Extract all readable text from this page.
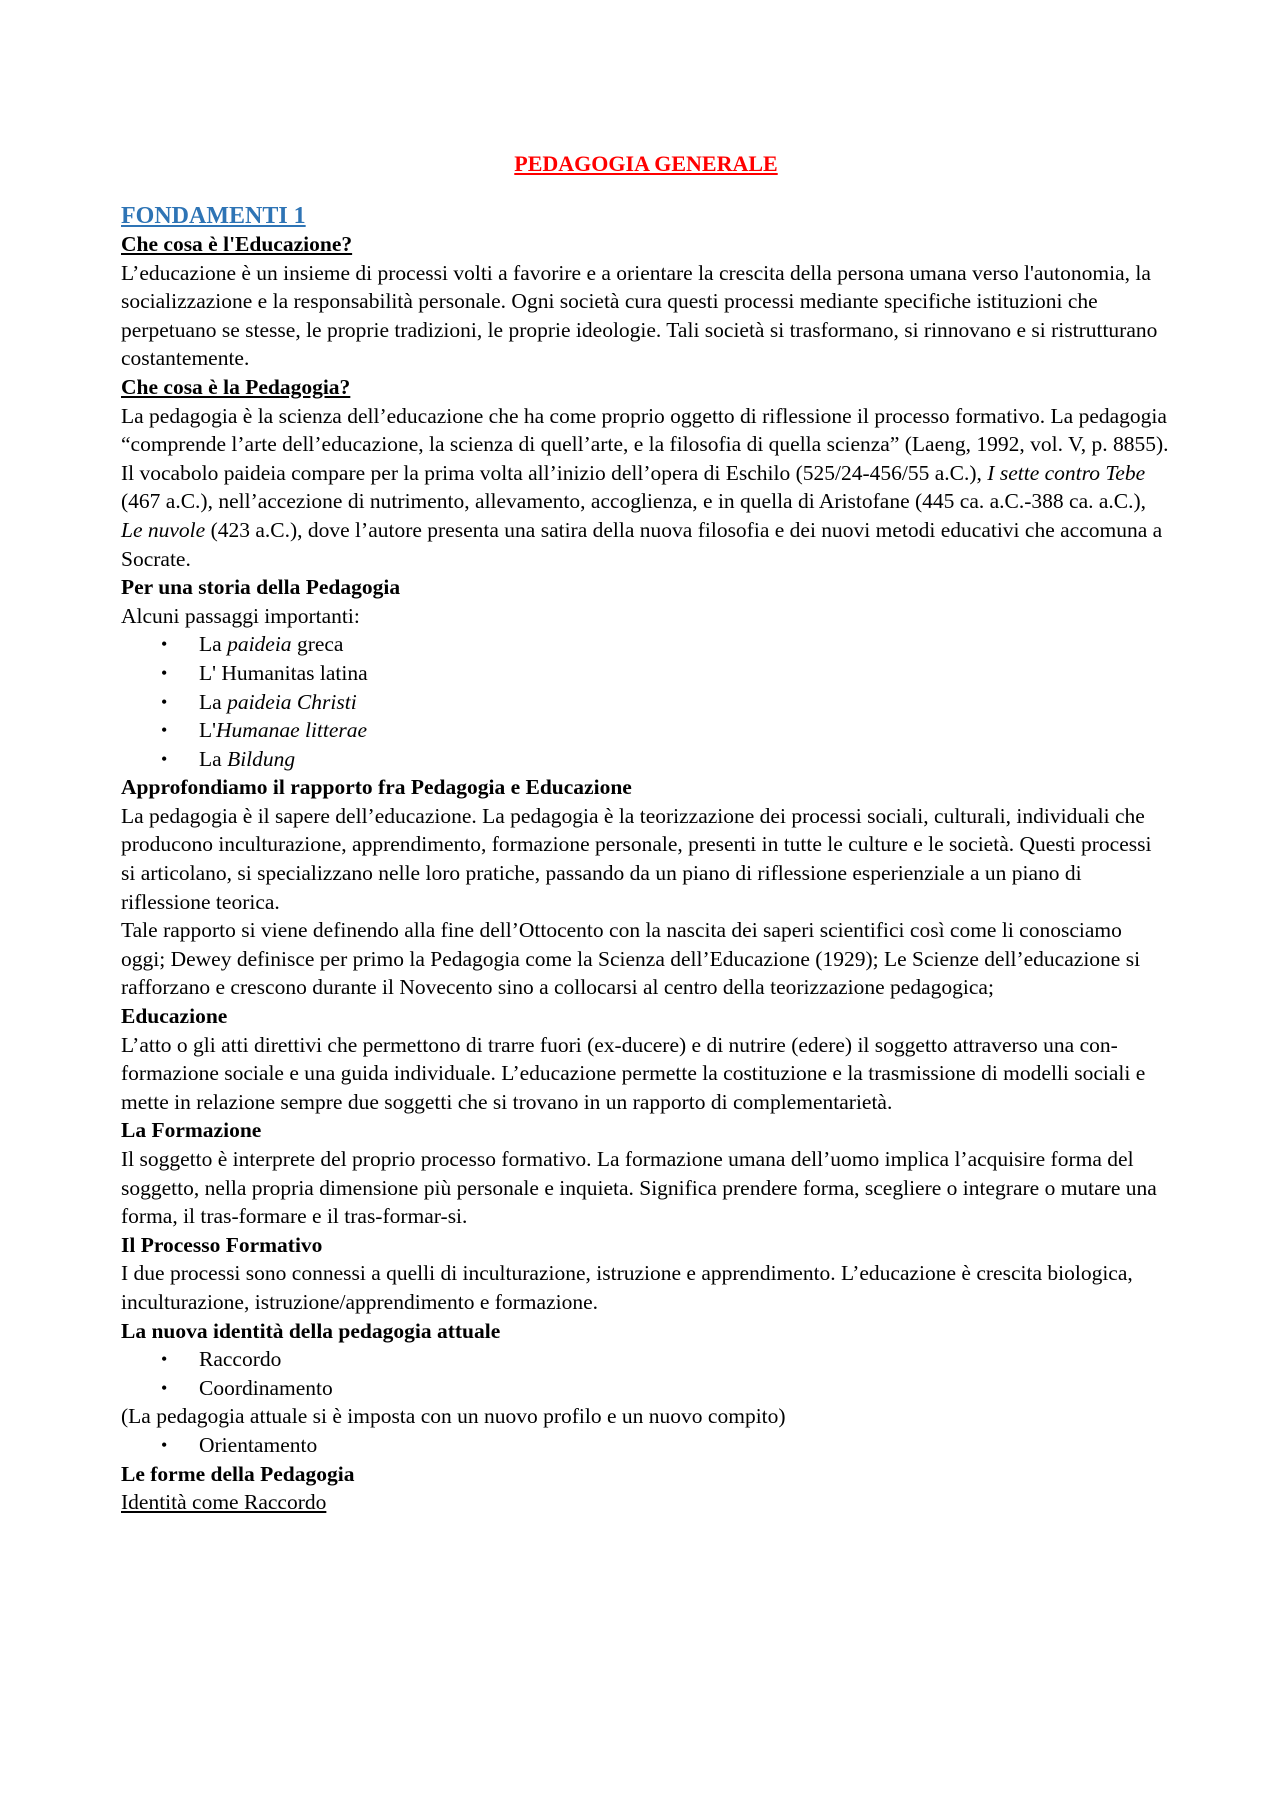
PEDAGOGIA GENERALE

FONDAMENTI 1

Che cosa è l'Educazione?

L’educazione è un insieme di processi volti a favorire e a orientare la crescita della persona umana verso l'autonomia, la socializzazione e la responsabilità personale. Ogni società cura questi processi mediante specifiche istituzioni che perpetuano se stesse, le proprie tradizioni, le proprie ideologie. Tali società si trasformano, si rinnovano e si ristrutturano costantemente.

Che cosa è la Pedagogia?

La pedagogia è la scienza dell’educazione che ha come proprio oggetto di riflessione il processo formativo. La pedagogia “comprende l’arte dell’educazione, la scienza di quell’arte, e la filosofia di quella scienza” (Laeng, 1992, vol. V, p. 8855). Il vocabolo paideia compare per la prima volta all’inizio dell’opera di Eschilo (525/24-456/55 a.C.), I sette contro Tebe (467 a.C.), nell’accezione di nutrimento, allevamento, accoglienza, e in quella di Aristofane (445 ca. a.C.-388 ca. a.C.), Le nuvole (423 a.C.), dove l’autore presenta una satira della nuova filosofia e dei nuovi metodi educativi che accomuna a Socrate.

Per una storia della Pedagogia

Alcuni passaggi importanti:

• La paideia greca
• L' Humanitas latina
• La paideia Christi
• L'Humanae litterae
• La Bildung

Approfondiamo il rapporto fra Pedagogia e Educazione

La pedagogia è il sapere dell’educazione. La pedagogia è la teorizzazione dei processi sociali, culturali, individuali che producono inculturazione, apprendimento, formazione personale, presenti in tutte le culture e le società. Questi processi si articolano, si specializzano nelle loro pratiche, passando da un piano di riflessione esperienziale a un piano di riflessione teorica.

Tale rapporto si viene definendo alla fine dell’Ottocento con la nascita dei saperi scientifici così come li conosciamo oggi; Dewey definisce per primo la Pedagogia come la Scienza dell’Educazione (1929); Le Scienze dell’educazione si rafforzano e crescono durante il Novecento sino a collocarsi al centro della teorizzazione pedagogica;

Educazione

L’atto o gli atti direttivi che permettono di trarre fuori (ex-ducere) e di nutrire (edere) il soggetto attraverso una con-formazione sociale e una guida individuale. L’educazione permette la costituzione e la trasmissione di modelli sociali e mette in relazione sempre due soggetti che si trovano in un rapporto di complementarietà.

La Formazione

Il soggetto è interprete del proprio processo formativo. La formazione umana dell’uomo implica l’acquisire forma del soggetto, nella propria dimensione più personale e inquieta. Significa prendere forma, scegliere o integrare o mutare una forma, il tras-formare e il tras-formar-si.

Il Processo Formativo

I due processi sono connessi a quelli di inculturazione, istruzione e apprendimento. L’educazione è crescita biologica, inculturazione, istruzione/apprendimento e formazione.

La nuova identità della pedagogia attuale

• Raccordo
• Coordinamento

(La pedagogia attuale si è imposta con un nuovo profilo e un nuovo compito)

• Orientamento

Le forme della Pedagogia

Identità come Raccordo
